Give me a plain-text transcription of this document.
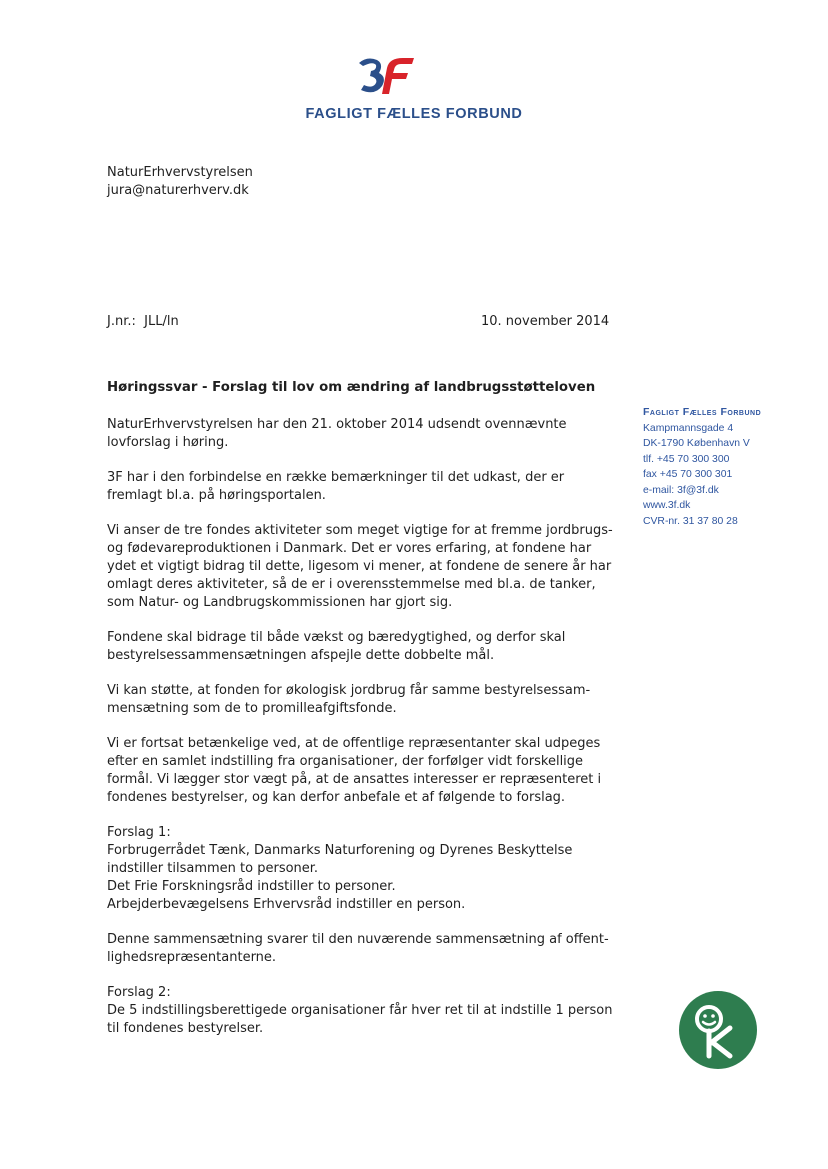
FAGLIGT FÆLLES FORBUND
NaturErhvervstyrelsen
jura@naturerhverv.dk
J.nr.:  JLL/ln	10. november 2014
Høringssvar - Forslag til lov om ændring af landbrugsstøtteloven
NaturErhvervstyrelsen har den 21. oktober 2014 udsendt ovennævnte
lovforslag i høring.
3F har i den forbindelse en række bemærkninger til det udkast, der er
fremlagt bl.a. på høringsportalen.
Vi anser de tre fondes aktiviteter som meget vigtige for at fremme jordbrugs-
og fødevareproduktionen i Danmark. Det er vores erfaring, at fondene har
ydet et vigtigt bidrag til dette, ligesom vi mener, at fondene de senere år har
omlagt deres aktiviteter, så de er i overensstemmelse med bl.a. de tanker,
som Natur- og Landbrugskommissionen har gjort sig.
Fondene skal bidrage til både vækst og bæredygtighed, og derfor skal
bestyrelsessammensætningen afspejle dette dobbelte mål.
Vi kan støtte, at fonden for økologisk jordbrug får samme bestyrelsessam-
mensætning som de to promilleafgiftsfonde.
Vi er fortsat betænkelige ved, at de offentlige repræsentanter skal udpeges
efter en samlet indstilling fra organisationer, der forfølger vidt forskellige
formål. Vi lægger stor vægt på, at de ansattes interesser er repræsenteret i
fondenes bestyrelser, og kan derfor anbefale et af følgende to forslag.
Forslag 1:
Forbrugerrådet Tænk, Danmarks Naturforening og Dyrenes Beskyttelse
indstiller tilsammen to personer.
Det Frie Forskningsråd indstiller to personer.
Arbejderbevægelsens Erhvervsråd indstiller en person.
Denne sammensætning svarer til den nuværende sammensætning af offent-
lighedsrepræsentanterne.
Forslag 2:
De 5 indstillingsberettigede organisationer får hver ret til at indstille 1 person
til fondenes bestyrelser.
Fagligt Fælles Forbund
Kampmannsgade 4
DK-1790 København V
tlf. +45 70 300 300
fax +45 70 300 301
e-mail: 3f@3f.dk
www.3f.dk
CVR-nr. 31 37 80 28
